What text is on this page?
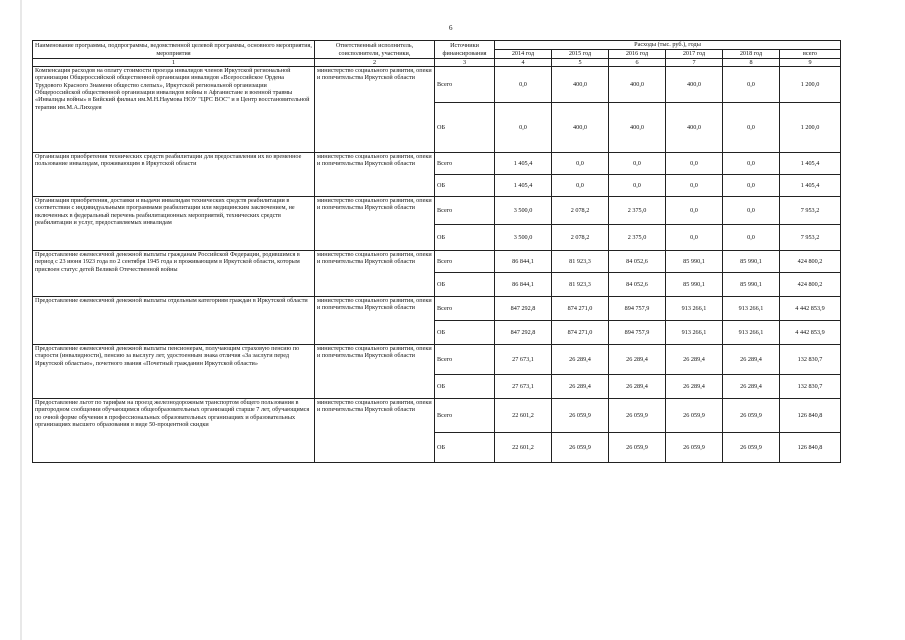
6
Наименование программы, подпрограммы, ведомственной целевой программы, основного мероприятия, мероприятия	Ответственный исполнитель, соисполнители, участники,	Источники финансирования	Расходы (тыс. руб.), годы					
			2014 год	2015 год	2016 год	2017 год	2018 год	всего
1	2	3	4	5	6	7	8	9
Компенсация расходов на оплату стоимости проезда инвалидов членов Иркутской региональной организации Общероссийской общественной организации инвалидов «Всероссийское Ордена Трудового Красного Знамени общество слепых», Иркутской региональной организации Общероссийской общественной организации инвалидов войны в Афганистане и военной травмы «Инвалиды войны» в Бийский филиал им.М.Н.Наумова НОУ "ЦРС ВОС" и в Центр восстановительной терапии им.М.А.Лиходея	министерство социального развития, опеки и попечительства Иркутской области	Всего	0,0	400,0	400,0	400,0	0,0	1 200,0
		ОБ	0,0	400,0	400,0	400,0	0,0	1 200,0
Организация приобретения технических средств реабилитации для предоставления их во временное пользование инвалидам, проживающим в Иркутской области	министерство социального развития, опеки и попечительства Иркутской области	Всего	1 405,4	0,0	0,0	0,0	0,0	1 405,4
		ОБ	1 405,4	0,0	0,0	0,0	0,0	1 405,4
Организация приобретения, доставки и выдачи инвалидам технических средств реабилитации в соответствии с индивидуальными программами реабилитации или медицинским заключением, не включенных в федеральный перечень реабилитационных мероприятий, технических средств реабилитации и услуг, предоставляемых инвалидам	министерство социального развития, опеки и попечительства Иркутской области	Всего	3 500,0	2 078,2	2 375,0	0,0	0,0	7 953,2
		ОБ	3 500,0	2 078,2	2 375,0	0,0	0,0	7 953,2
Предоставление ежемесячной денежной выплаты гражданам Российской Федерации, родившимся в период с 23 июня 1923 года по 2 сентября 1945 года и проживающим в Иркутской области, которым присвоен статус детей Великой Отечественной войны	министерство социального развития, опеки и попечительства Иркутской области	Всего	86 844,1	81 923,3	84 052,6	85 990,1	85 990,1	424 800,2
		ОБ	86 844,1	81 923,3	84 052,6	85 990,1	85 990,1	424 800,2
Предоставление ежемесячной денежной выплаты отдельным категориям граждан в Иркутской области	министерство социального развития, опеки и попечительства Иркутской области	Всего	847 292,8	874 271,0	894 757,9	913 266,1	913 266,1	4 442 853,9
		ОБ	847 292,8	874 271,0	894 757,9	913 266,1	913 266,1	4 442 853,9
Предоставление ежемесячной денежной выплаты пенсионерам, получающим страховую пенсию по старости (инвалидности), пенсию за выслугу лет, удостоенным знака отличия «За заслуги перед Иркутской областью», почетного звания «Почетный гражданин Иркутской области»	министерство социального развития, опеки и попечительства Иркутской области	Всего	27 673,1	26 289,4	26 289,4	26 289,4	26 289,4	132 830,7
		ОБ	27 673,1	26 289,4	26 289,4	26 289,4	26 289,4	132 830,7
Предоставление льгот по тарифам на проезд железнодорожным транспортом общего пользования в пригородном сообщении обучающимся общеобразовательных организаций старше 7 лет, обучающимся по очной форме обучения в профессиональных образовательных организациях и образовательных организациях высшего образования в виде 50-процентной скидки	министерство социального развития, опеки и попечительства Иркутской области	Всего	22 601,2	26 059,9	26 059,9	26 059,9	26 059,9	126 840,8
		ОБ	22 601,2	26 059,9	26 059,9	26 059,9	26 059,9	126 840,8
